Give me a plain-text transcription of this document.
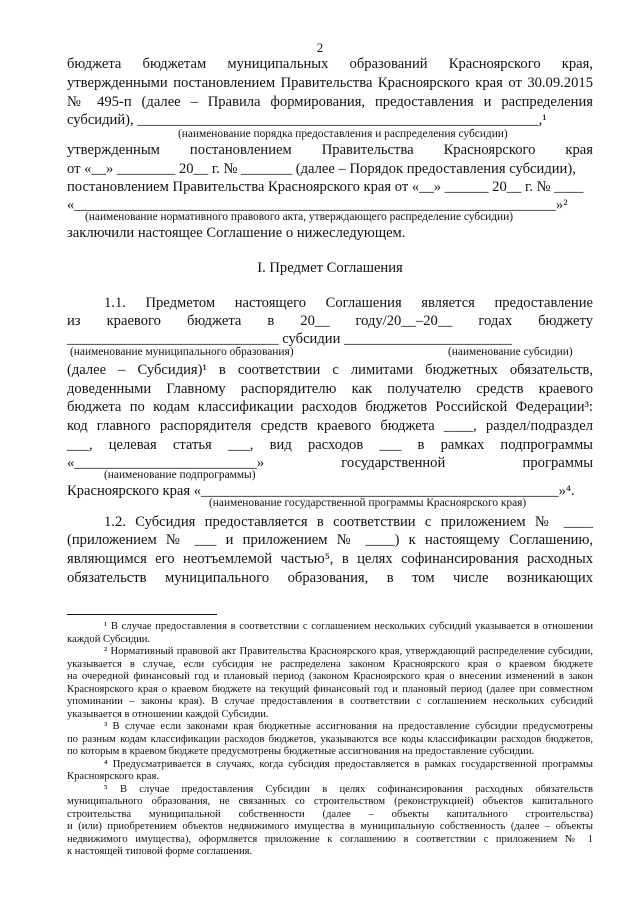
2
бюджета бюджетам муниципальных образований Красноярского края,
утвержденными постановлением Правительства Красноярского края от 30.09.2015
№ 495-п (далее – Правила формирования, предоставления и распределения
субсидий), _______________________________________________________,¹
(наименование порядка предоставления и распределения субсидии)
утвержденным постановлением Правительства Красноярского края
от «__» ________ 20__ г. № _______ (далее – Порядок предоставления субсидии),
постановлением Правительства Красноярского края от «__» ______ 20__ г. № ____
«__________________________________________________________________»²
(наименование нормативного правового акта, утверждающего распределение субсидии)
заключили настоящее Соглашение о нижеследующем.
I. Предмет Соглашения
1.1. Предметом настоящего Соглашения является предоставление
из краевого бюджета в 20__ году/20__–20__ годах бюджету
_____________________________ субсидии _______________________
(наименование муниципального образования)	(наименование субсидии)
(далее – Субсидия)¹ в соответствии с лимитами бюджетных обязательств,
доведенными Главному распорядителю как получателю средств краевого
бюджета по кодам классификации расходов бюджетов Российской Федерации³:
код главного распорядителя средств краевого бюджета ____, раздел/подраздел
___, целевая статья ___, вид расходов ___ в рамках подпрограммы
«_________________________» государственной программы
(наименование подпрограммы)
Красноярского края «_________________________________________________»⁴.
(наименование государственной программы Красноярского края)
1.2. Субсидия предоставляется в соответствии с приложением № ____
(приложением № ___ и приложением № ____) к настоящему Соглашению,
являющимся его неотъемлемой частью⁵, в целях софинансирования расходных
обязательств муниципального образования, в том числе возникающих
¹ В случае предоставления в соответствии с соглашением нескольких субсидий указывается в отношении
каждой Субсидии.
² Нормативный правовой акт Правительства Красноярского края, утверждающий распределение субсидии,
указывается в случае, если субсидия не распределена законом Красноярского края о краевом бюджете
на очередной финансовый год и плановый период (законом Красноярского края о внесении изменений в закон
Красноярского края о краевом бюджете на текущий финансовый год и плановый период (далее при совместном
упоминании – законы края). В случае предоставления в соответствии с соглашением нескольких субсидий
указывается в отношении каждой Субсидии.
³ В случае если законами края бюджетные ассигнования на предоставление субсидии предусмотрены
по разным кодам классификации расходов бюджетов, указываются все коды классификации расходов бюджетов,
по которым в краевом бюджете предусмотрены бюджетные ассигнования на предоставление субсидии.
⁴ Предусматривается в случаях, когда субсидия предоставляется в рамках государственной программы
Красноярского края.
⁵ В случае предоставления Субсидии в целях софинансирования расходных обязательств
муниципального образования, не связанных со строительством (реконструкцией) объектов капитального
строительства муниципальной собственности (далее – объекты капитального строительства)
и (или) приобретением объектов недвижимого имущества в муниципальную собственность (далее – объекты
недвижимого имущества), оформляется приложение к соглашению в соответствии с приложением № 1
к настоящей типовой форме соглашения.
